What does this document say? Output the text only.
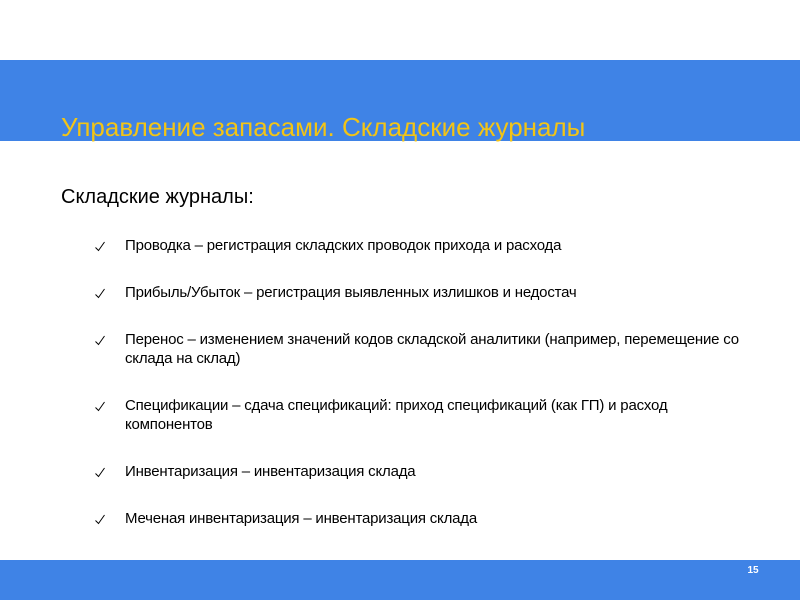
Управление запасами. Складские журналы
Складские журналы:
Проводка – регистрация складских проводок прихода и расхода
Прибыль/Убыток – регистрация выявленных излишков и недостач
Перенос – изменением значений кодов складской аналитики (например, перемещение со склада на склад)
Спецификации – сдача спецификаций: приход спецификаций (как ГП) и расход компонентов
Инвентаризация – инвентаризация склада
Меченая инвентаризация – инвентаризация склада
15
